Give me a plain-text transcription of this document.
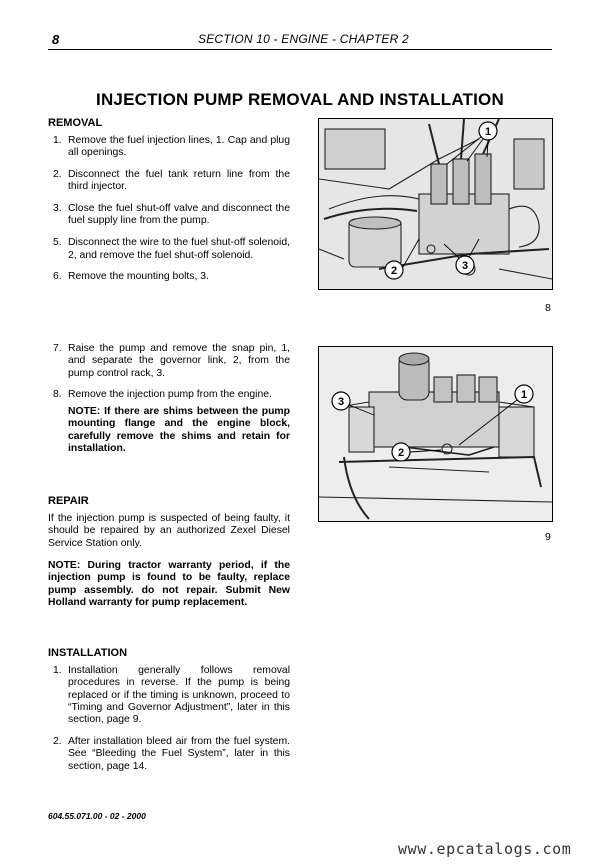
8	SECTION 10 - ENGINE - CHAPTER 2
INJECTION PUMP REMOVAL AND INSTALLATION
REMOVAL
1. Remove the fuel injection lines, 1. Cap and plug all openings.
2. Disconnect the fuel tank return line from the third injector.
3. Close the fuel shut-off valve and disconnect the fuel supply line from the pump.
5. Disconnect the wire to the fuel shut-off solenoid, 2, and remove the fuel shut-off solenoid.
6. Remove the mounting bolts, 3.
7. Raise the pump and remove the snap pin, 1, and separate the governor link, 2, from the pump control rack, 3.
8. Remove the injection pump from the engine.
NOTE: If there are shims between the pump mounting flange and the engine block, carefully remove the shims and retain for installation.
REPAIR
If the injection pump is suspected of being faulty, it should be repaired by an authorized Zexel Diesel Service Station only.
NOTE: During tractor warranty period, if the injection pump is found to be faulty, replace pump assembly. do not repair. Submit New Holland warranty for pump replacement.
INSTALLATION
1. Installation generally follows removal procedures in reverse. If the pump is being replaced or if the timing is unknown, proceed to “Timing and Governor Adjustment”, later in this section, page 9.
2. After installation bleed air from the fuel system. See “Bleeding the Fuel System”, later in this section, page 14.
1
2	3
8
3
1
2
9
604.55.071.00 - 02 - 2000
www.epcatalogs.com
